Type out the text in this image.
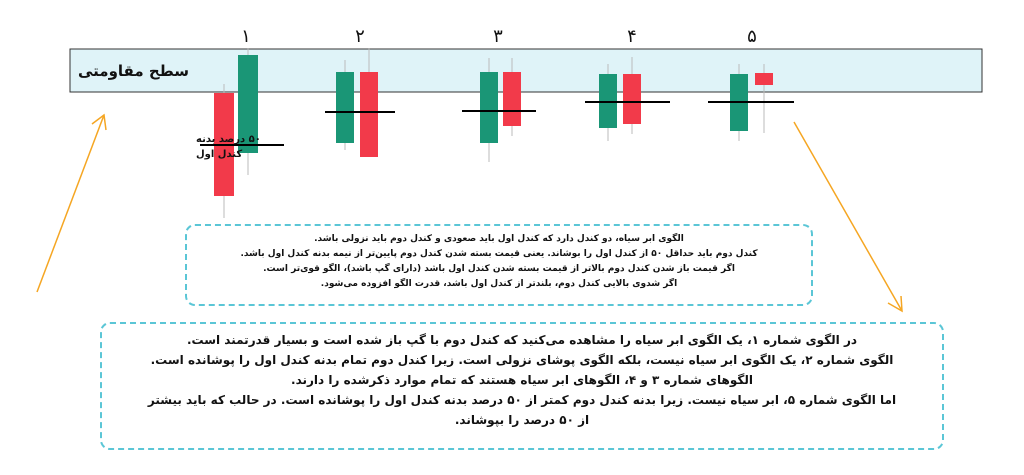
سطح مقاومتی
۱	۲	۳	۴	۵
۵۰ درصد بدنه
کندل اول

الگوی ابر سیاه، دو کندل دارد که کندل اول باید صعودی و کندل دوم باید نزولی باشد.

کندل دوم باید حداقل ۵۰ از کندل اول را بوشاند. یعنی قیمت بسته شدن کندل دوم پایین‌تر از نیمه بدنه کندل اول باشد.

اگر قیمت باز شدن کندل دوم بالاتر از قیمت بسته شدن کندل اول باشد (دارای گپ باشد)، الگو قوی‌تر است.

اگر شدوی بالایی کندل دوم، بلندتر از کندل اول باشد، قدرت الگو افزوده می‌شود.

در الگوی شماره ۱، یک الگوی ابر سیاه را مشاهده می‌کنید که کندل دوم با گپ باز شده است و بسیار قدرتمند است.

الگوی شماره ۲، یک الگوی ابر سیاه نیست، بلکه الگوی پوشای نزولی است. زیرا کندل دوم تمام بدنه کندل اول را پوشانده است.

الگوهای شماره ۳ و ۴، الگوهای ابر سیاه هستند که تمام موارد ذکرشده را دارند.

اما الگوی شماره ۵، ابر سیاه نیست. زیرا بدنه کندل دوم کمتر از ۵۰ درصد بدنه کندل اول را پوشانده است. در حالب که باید بیشتر

از ۵۰ درصد را بپوشاند.
